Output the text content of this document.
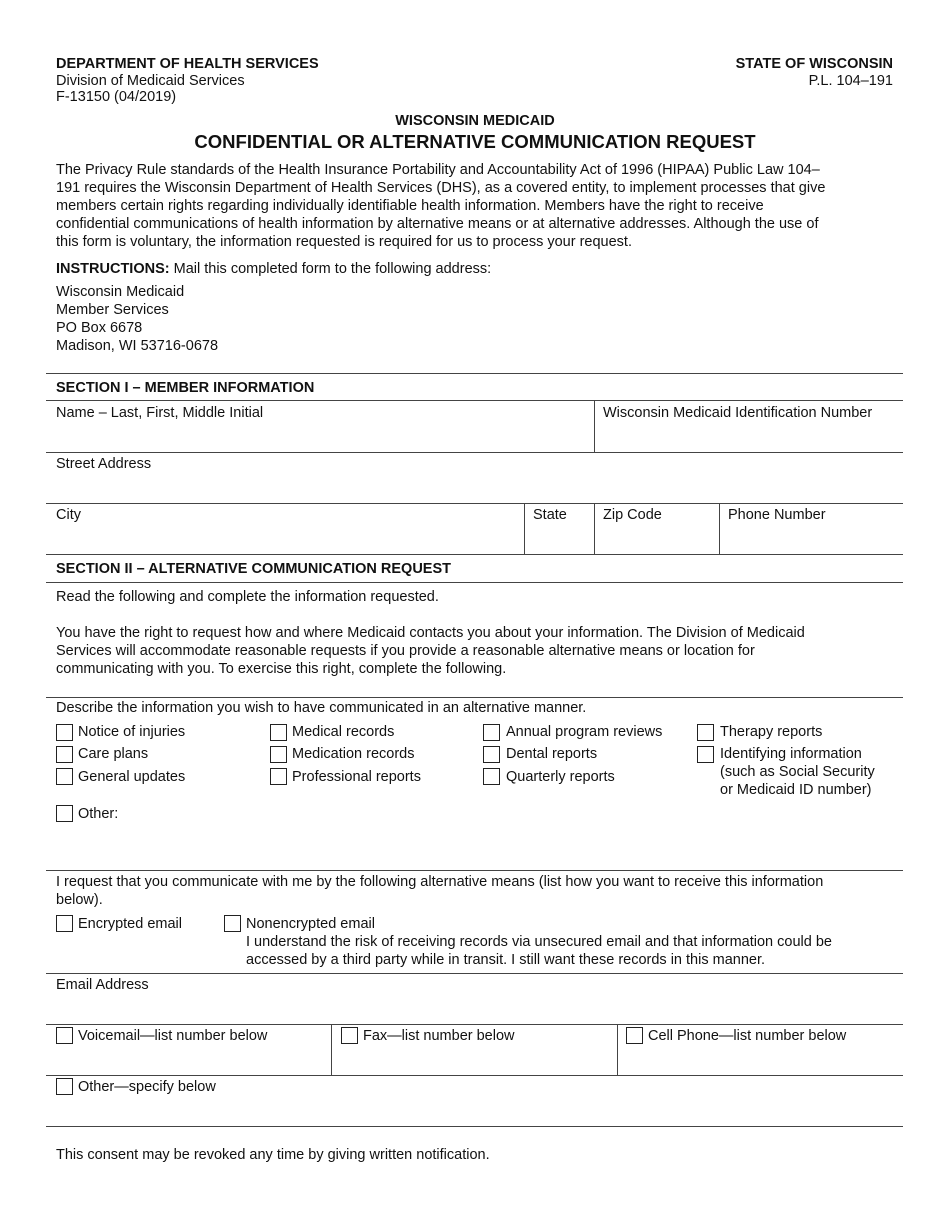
DEPARTMENT OF HEALTH SERVICES
Division of Medicaid Services
F-13150 (04/2019)
STATE OF WISCONSIN
P.L. 104–191
WISCONSIN MEDICAID
CONFIDENTIAL OR ALTERNATIVE COMMUNICATION REQUEST
The Privacy Rule standards of the Health Insurance Portability and Accountability Act of 1996 (HIPAA) Public Law 104–
191 requires the Wisconsin Department of Health Services (DHS), as a covered entity, to implement processes that give
members certain rights regarding individually identifiable health information. Members have the right to receive
confidential communications of health information by alternative means or at alternative addresses. Although the use of
this form is voluntary, the information requested is required for us to process your request.
INSTRUCTIONS: Mail this completed form to the following address:
Wisconsin Medicaid
Member Services
PO Box 6678
Madison, WI 53716-0678
SECTION I – MEMBER INFORMATION
Name – Last, First, Middle Initial	Wisconsin Medicaid Identification Number
Street Address
City	State Zip Code	Phone Number
SECTION II – ALTERNATIVE COMMUNICATION REQUEST
Read the following and complete the information requested.
You have the right to request how and where Medicaid contacts you about your information. The Division of Medicaid
Services will accommodate reasonable requests if you provide a reasonable alternative means or location for
communicating with you. To exercise this right, complete the following.
Describe the information you wish to have communicated in an alternative manner.
Notice of injuries
Care plans
General updates
Medical records
Medication records
Professional reports
Annual program reviews
Dental reports
Quarterly reports
Therapy reports
Identifying information
(such as Social Security
or Medicaid ID number)
Other:
I request that you communicate with me by the following alternative means (list how you want to receive this information
below).
Encrypted email	Nonencrypted email
I understand the risk of receiving records via unsecured email and that information could be
accessed by a third party while in transit. I still want these records in this manner.
Email Address
Voicemail—list number below	Fax—list number below	Cell Phone—list number below
Other—specify below
This consent may be revoked any time by giving written notification.
